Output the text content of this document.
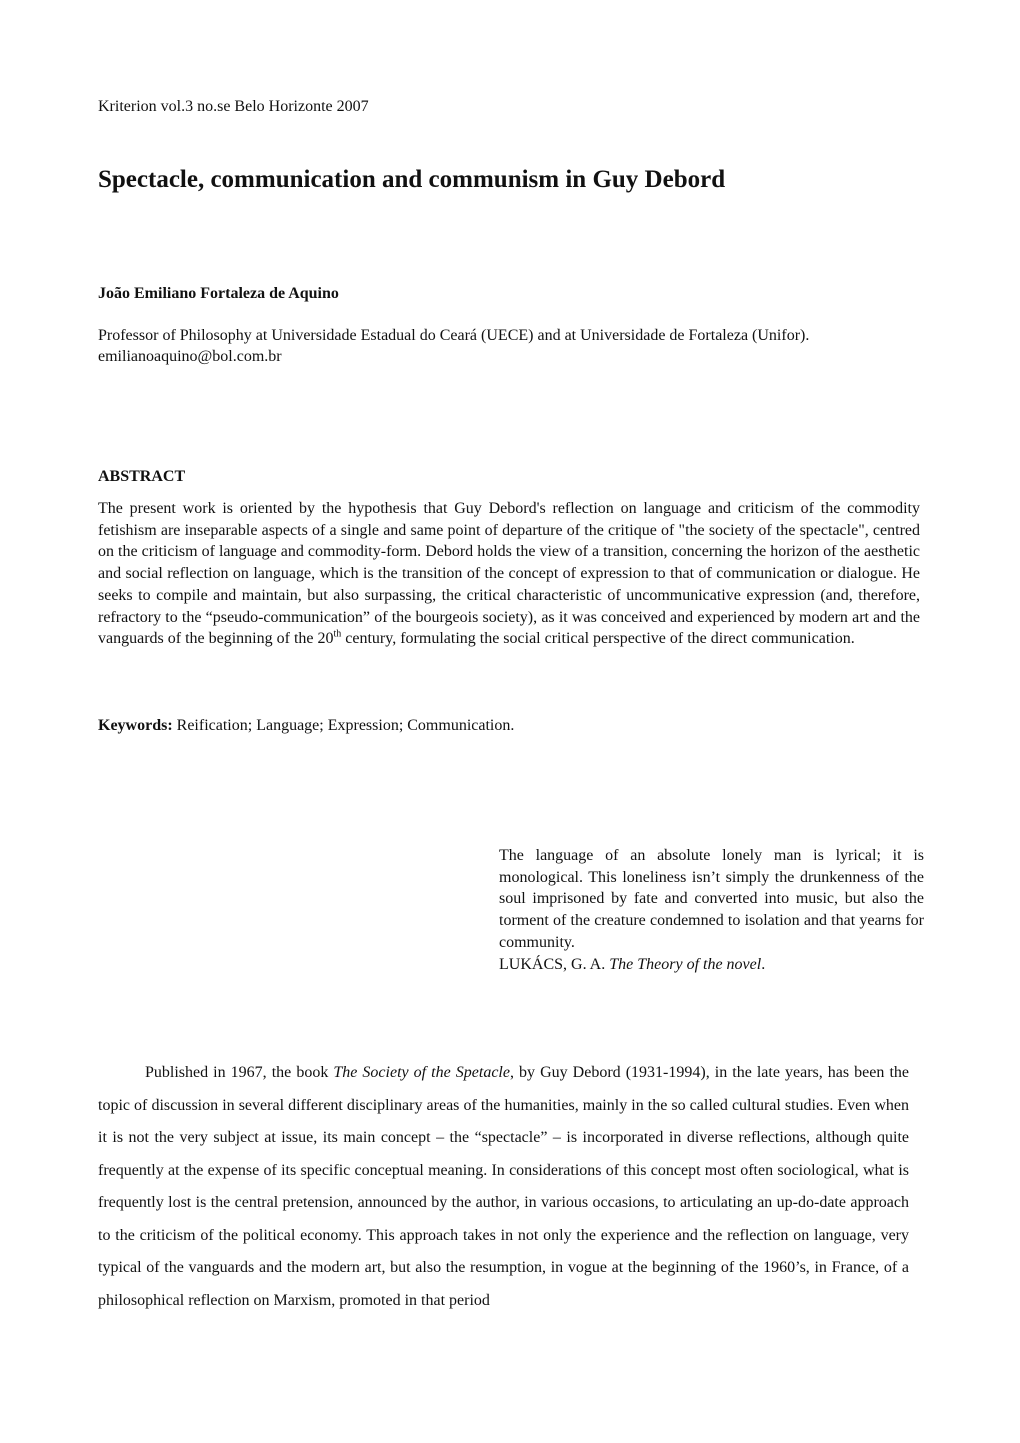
Kriterion vol.3 no.se Belo Horizonte 2007
Spectacle, communication and communism in Guy Debord
João Emiliano Fortaleza de Aquino
Professor of Philosophy at Universidade Estadual do Ceará (UECE) and at Universidade de Fortaleza (Unifor). emilianoaquino@bol.com.br
ABSTRACT
The present work is oriented by the hypothesis that Guy Debord's reflection on language and criticism of the commodity fetishism are inseparable aspects of a single and same point of departure of the critique of "the society of the spectacle", centred on the criticism of language and commodity-form. Debord holds the view of a transition, concerning the horizon of the aesthetic and social reflection on language, which is the transition of the concept of expression to that of communication or dialogue. He seeks to compile and maintain, but also surpassing, the critical characteristic of uncommunicative expression (and, therefore, refractory to the “pseudo-communication” of the bourgeois society), as it was conceived and experienced by modern art and the vanguards of the beginning of the 20th century, formulating the social critical perspective of the direct communication.
Keywords: Reification; Language; Expression; Communication.
The language of an absolute lonely man is lyrical; it is monological. This loneliness isn’t simply the drunkenness of the soul imprisoned by fate and converted into music, but also the torment of the creature condemned to isolation and that yearns for community.
LUKÁCS, G. A. The Theory of the novel.
Published in 1967, the book The Society of the Spetacle, by Guy Debord (1931-1994), in the late years, has been the topic of discussion in several different disciplinary areas of the humanities, mainly in the so called cultural studies. Even when it is not the very subject at issue, its main concept – the “spectacle” – is incorporated in diverse reflections, although quite frequently at the expense of its specific conceptual meaning. In considerations of this concept most often sociological, what is frequently lost is the central pretension, announced by the author, in various occasions, to articulating an up-do-date approach to the criticism of the political economy. This approach takes in not only the experience and the reflection on language, very typical of the vanguards and the modern art, but also the resumption, in vogue at the beginning of the 1960’s, in France, of a philosophical reflection on Marxism, promoted in that period
